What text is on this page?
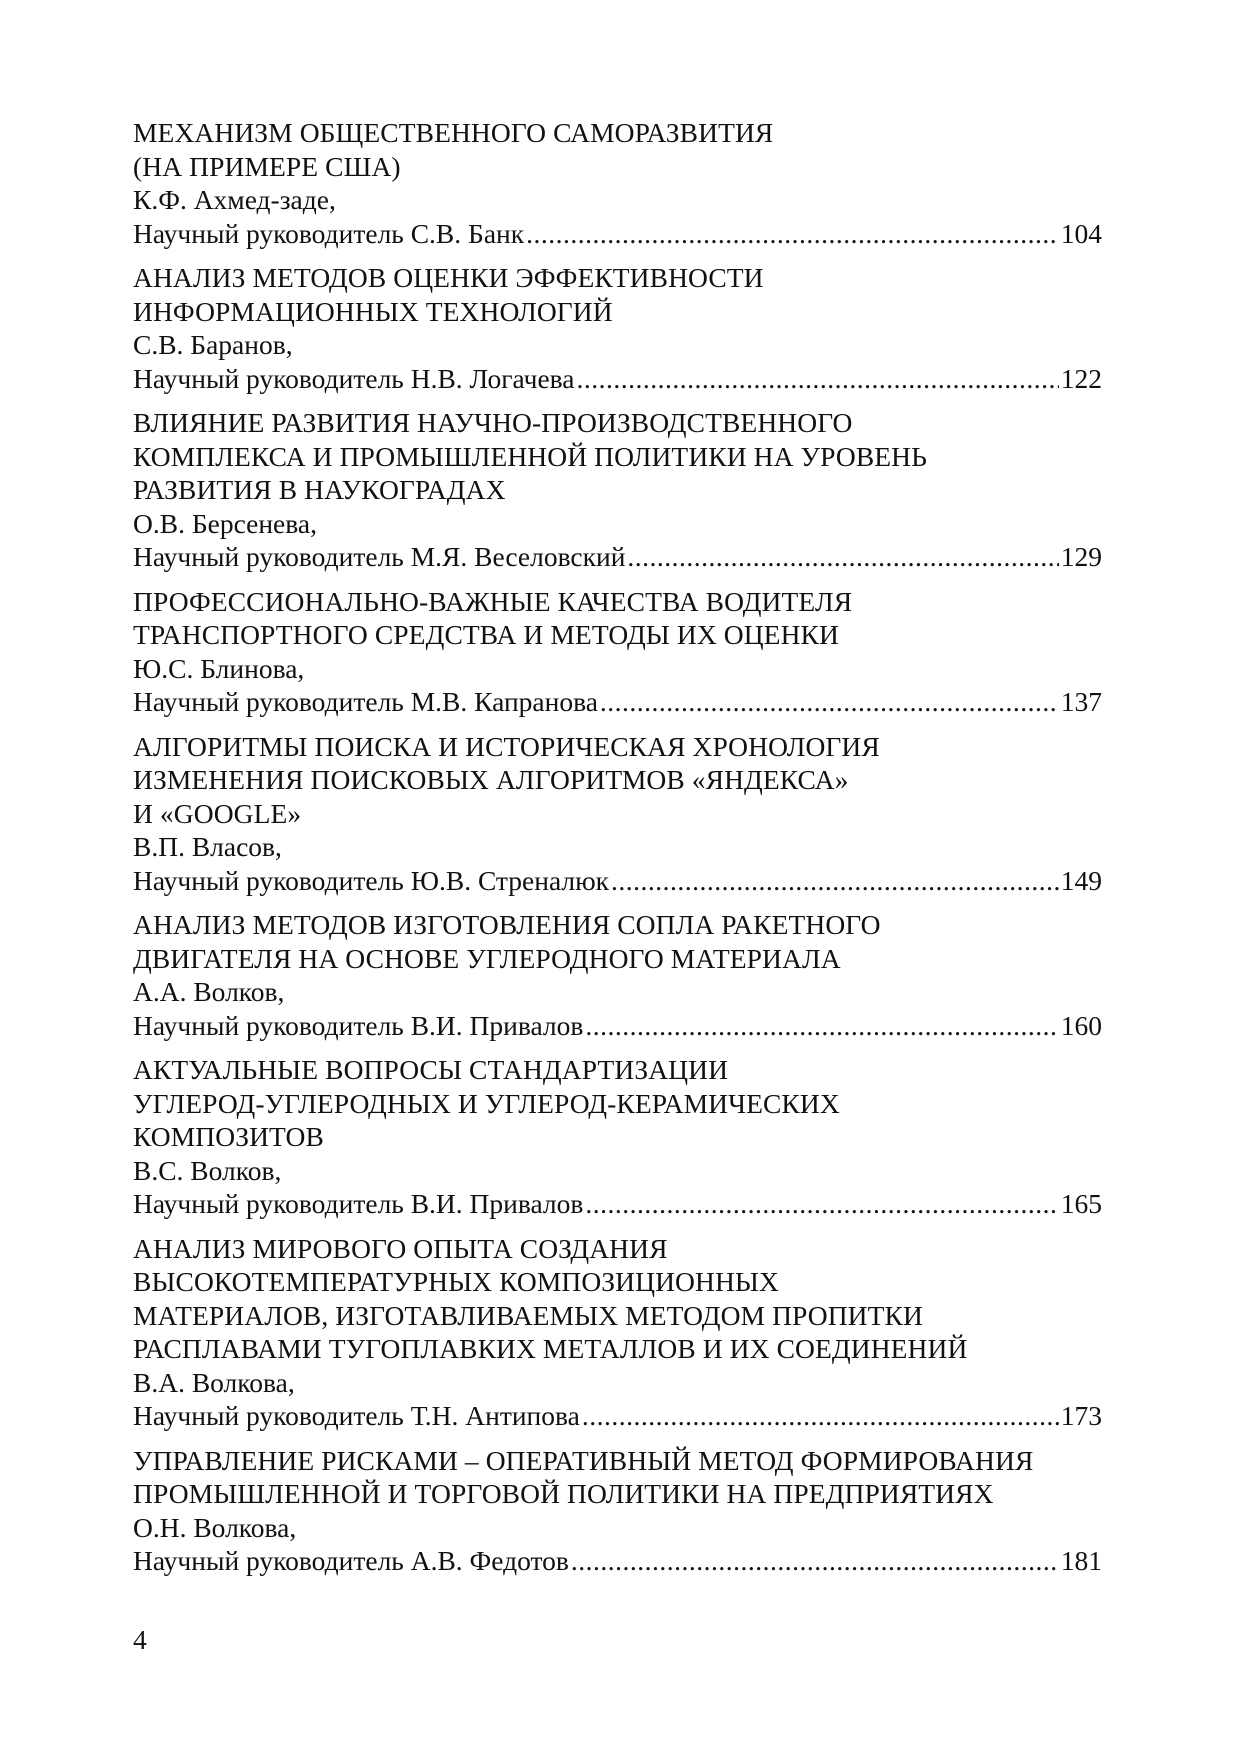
МЕХАНИЗМ ОБЩЕСТВЕННОГО САМОРАЗВИТИЯ
(НА ПРИМЕРЕ США)
К.Ф. Ахмед-заде,
Научный руководитель С.В. Банк .....	104
АНАЛИЗ МЕТОДОВ ОЦЕНКИ ЭФФЕКТИВНОСТИ
ИНФОРМАЦИОННЫХ ТЕХНОЛОГИЙ
С.В. Баранов,
Научный руководитель Н.В. Логачева .....	122
ВЛИЯНИЕ РАЗВИТИЯ НАУЧНО-ПРОИЗВОДСТВЕННОГО
КОМПЛЕКСА И ПРОМЫШЛЕННОЙ ПОЛИТИКИ НА УРОВЕНЬ
РАЗВИТИЯ В НАУКОГРАДАХ
О.В. Берсенева,
Научный руководитель М.Я. Веселовский .....	129
ПРОФЕССИОНАЛЬНО-ВАЖНЫЕ КАЧЕСТВА ВОДИТЕЛЯ
ТРАНСПОРТНОГО СРЕДСТВА И МЕТОДЫ ИХ ОЦЕНКИ
Ю.С. Блинова,
Научный руководитель М.В. Капранова .....	137
АЛГОРИТМЫ ПОИСКА И ИСТОРИЧЕСКАЯ ХРОНОЛОГИЯ
ИЗМЕНЕНИЯ ПОИСКОВЫХ АЛГОРИТМОВ «ЯНДЕКСА»
И «GOOGLE»
В.П. Власов,
Научный руководитель Ю.В. Стреналюк .....	149
АНАЛИЗ МЕТОДОВ ИЗГОТОВЛЕНИЯ СОПЛА РАКЕТНОГО
ДВИГАТЕЛЯ НА ОСНОВЕ УГЛЕРОДНОГО МАТЕРИАЛА
А.А. Волков,
Научный руководитель В.И. Привалов .....	160
АКТУАЛЬНЫЕ ВОПРОСЫ СТАНДАРТИЗАЦИИ
УГЛЕРОД-УГЛЕРОДНЫХ И УГЛЕРОД-КЕРАМИЧЕСКИХ
КОМПОЗИТОВ
В.С. Волков,
Научный руководитель В.И. Привалов .....	165
АНАЛИЗ МИРОВОГО ОПЫТА СОЗДАНИЯ
ВЫСОКОТЕМПЕРАТУРНЫХ КОМПОЗИЦИОННЫХ
МАТЕРИАЛОВ, ИЗГОТАВЛИВАЕМЫХ МЕТОДОМ ПРОПИТКИ
РАСПЛАВАМИ ТУГОПЛАВКИХ МЕТАЛЛОВ И ИХ СОЕДИНЕНИЙ
В.А. Волкова,
Научный руководитель Т.Н. Антипова .....	173
УПРАВЛЕНИЕ РИСКАМИ – ОПЕРАТИВНЫЙ МЕТОД ФОРМИРОВАНИЯ
ПРОМЫШЛЕННОЙ И ТОРГОВОЙ ПОЛИТИКИ НА ПРЕДПРИЯТИЯХ
О.Н. Волкова,
Научный руководитель А.В. Федотов .....	181
4
